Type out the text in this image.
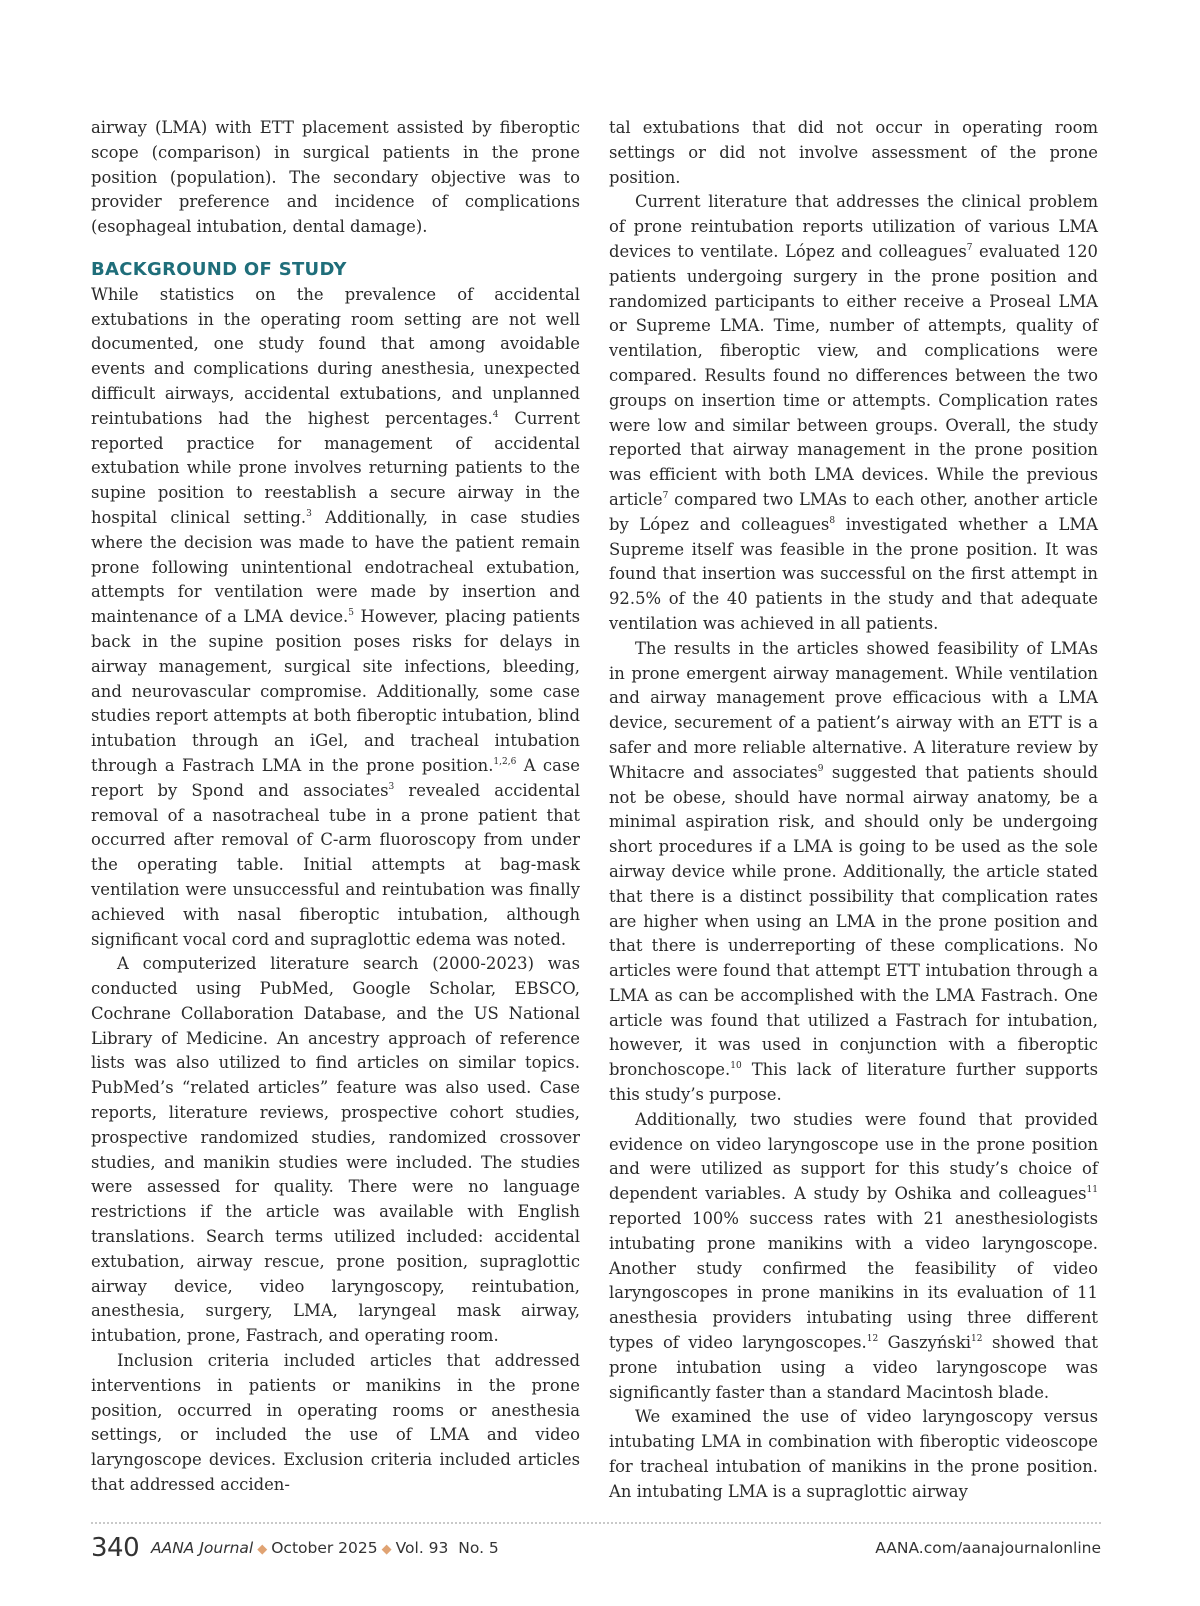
airway (LMA) with ETT placement assisted by fiberoptic scope (comparison) in surgical patients in the prone position (population). The secondary objective was to provider preference and incidence of complications (esophageal intubation, dental damage).

BACKGROUND OF STUDY

While statistics on the prevalence of accidental extubations in the operating room setting are not well documented, one study found that among avoidable events and complications during anesthesia, unexpected difficult airways, accidental extubations, and unplanned reintubations had the highest percentages.$^4$ Current reported practice for management of accidental extubation while prone involves returning patients to the supine position to reestablish a secure airway in the hospital clinical setting.$^3$ Additionally, in case studies where the decision was made to have the patient remain prone following unintentional endotracheal extubation, attempts for ventilation were made by insertion and maintenance of a LMA device.$^5$ However, placing patients back in the supine position poses risks for delays in airway management, surgical site infections, bleeding, and neurovascular compromise. Additionally, some case studies report attempts at both fiberoptic intubation, blind intubation through an iGel, and tracheal intubation through a Fastrach LMA in the prone position.$^{1,2,6}$ A case report by Spond and associates$^3$ revealed accidental removal of a nasotracheal tube in a prone patient that occurred after removal of C-arm fluoroscopy from under the operating table. Initial attempts at bag-mask ventilation were unsuccessful and reintubation was finally achieved with nasal fiberoptic intubation, although significant vocal cord and supraglottic edema was noted.

A computerized literature search (2000-2023) was conducted using PubMed, Google Scholar, EBSCO, Cochrane Collaboration Database, and the US National Library of Medicine. An ancestry approach of reference lists was also utilized to find articles on similar topics. PubMed’s “related articles” feature was also used. Case reports, literature reviews, prospective cohort studies, prospective randomized studies, randomized crossover studies, and manikin studies were included. The studies were assessed for quality. There were no language restrictions if the article was available with English translations. Search terms utilized included: accidental extubation, airway rescue, prone position, supraglottic airway device, video laryngoscopy, reintubation, anesthesia, surgery, LMA, laryngeal mask airway, intubation, prone, Fastrach, and operating room.

Inclusion criteria included articles that addressed interventions in patients or manikins in the prone position, occurred in operating rooms or anesthesia settings, or included the use of LMA and video laryngoscope devices. Exclusion criteria included articles that addressed acciden-

tal extubations that did not occur in operating room settings or did not involve assessment of the prone position.

Current literature that addresses the clinical problem of prone reintubation reports utilization of various LMA devices to ventilate. López and colleagues$^7$ evaluated 120 patients undergoing surgery in the prone position and randomized participants to either receive a Proseal LMA or Supreme LMA. Time, number of attempts, quality of ventilation, fiberoptic view, and complications were compared. Results found no differences between the two groups on insertion time or attempts. Complication rates were low and similar between groups. Overall, the study reported that airway management in the prone position was efficient with both LMA devices. While the previous article$^7$ compared two LMAs to each other, another article by López and colleagues$^8$ investigated whether a LMA Supreme itself was feasible in the prone position. It was found that insertion was successful on the first attempt in 92.5% of the 40 patients in the study and that adequate ventilation was achieved in all patients.

The results in the articles showed feasibility of LMAs in prone emergent airway management. While ventilation and airway management prove efficacious with a LMA device, securement of a patient’s airway with an ETT is a safer and more reliable alternative. A literature review by Whitacre and associates$^9$ suggested that patients should not be obese, should have normal airway anatomy, be a minimal aspiration risk, and should only be undergoing short procedures if a LMA is going to be used as the sole airway device while prone. Additionally, the article stated that there is a distinct possibility that complication rates are higher when using an LMA in the prone position and that there is underreporting of these complications. No articles were found that attempt ETT intubation through a LMA as can be accomplished with the LMA Fastrach. One article was found that utilized a Fastrach for intubation, however, it was used in conjunction with a fiberoptic bronchoscope.$^{10}$ This lack of literature further supports this study’s purpose.

Additionally, two studies were found that provided evidence on video laryngoscope use in the prone position and were utilized as support for this study’s choice of dependent variables. A study by Oshika and colleagues$^{11}$ reported 100% success rates with 21 anesthesiologists intubating prone manikins with a video laryngoscope. Another study confirmed the feasibility of video laryngoscopes in prone manikins in its evaluation of 11 anesthesia providers intubating using three different types of video laryngoscopes.$^{12}$ Gaszyński$^{12}$ showed that prone intubation using a video laryngoscope was significantly faster than a standard Macintosh blade.

We examined the use of video laryngoscopy versus intubating LMA in combination with fiberoptic videoscope for tracheal intubation of manikins in the prone position. An intubating LMA is a supraglottic airway

340 AANA Journal ◆ October 2025 ◆ Vol. 93 No. 5	AANA.com/aanajournalonline
